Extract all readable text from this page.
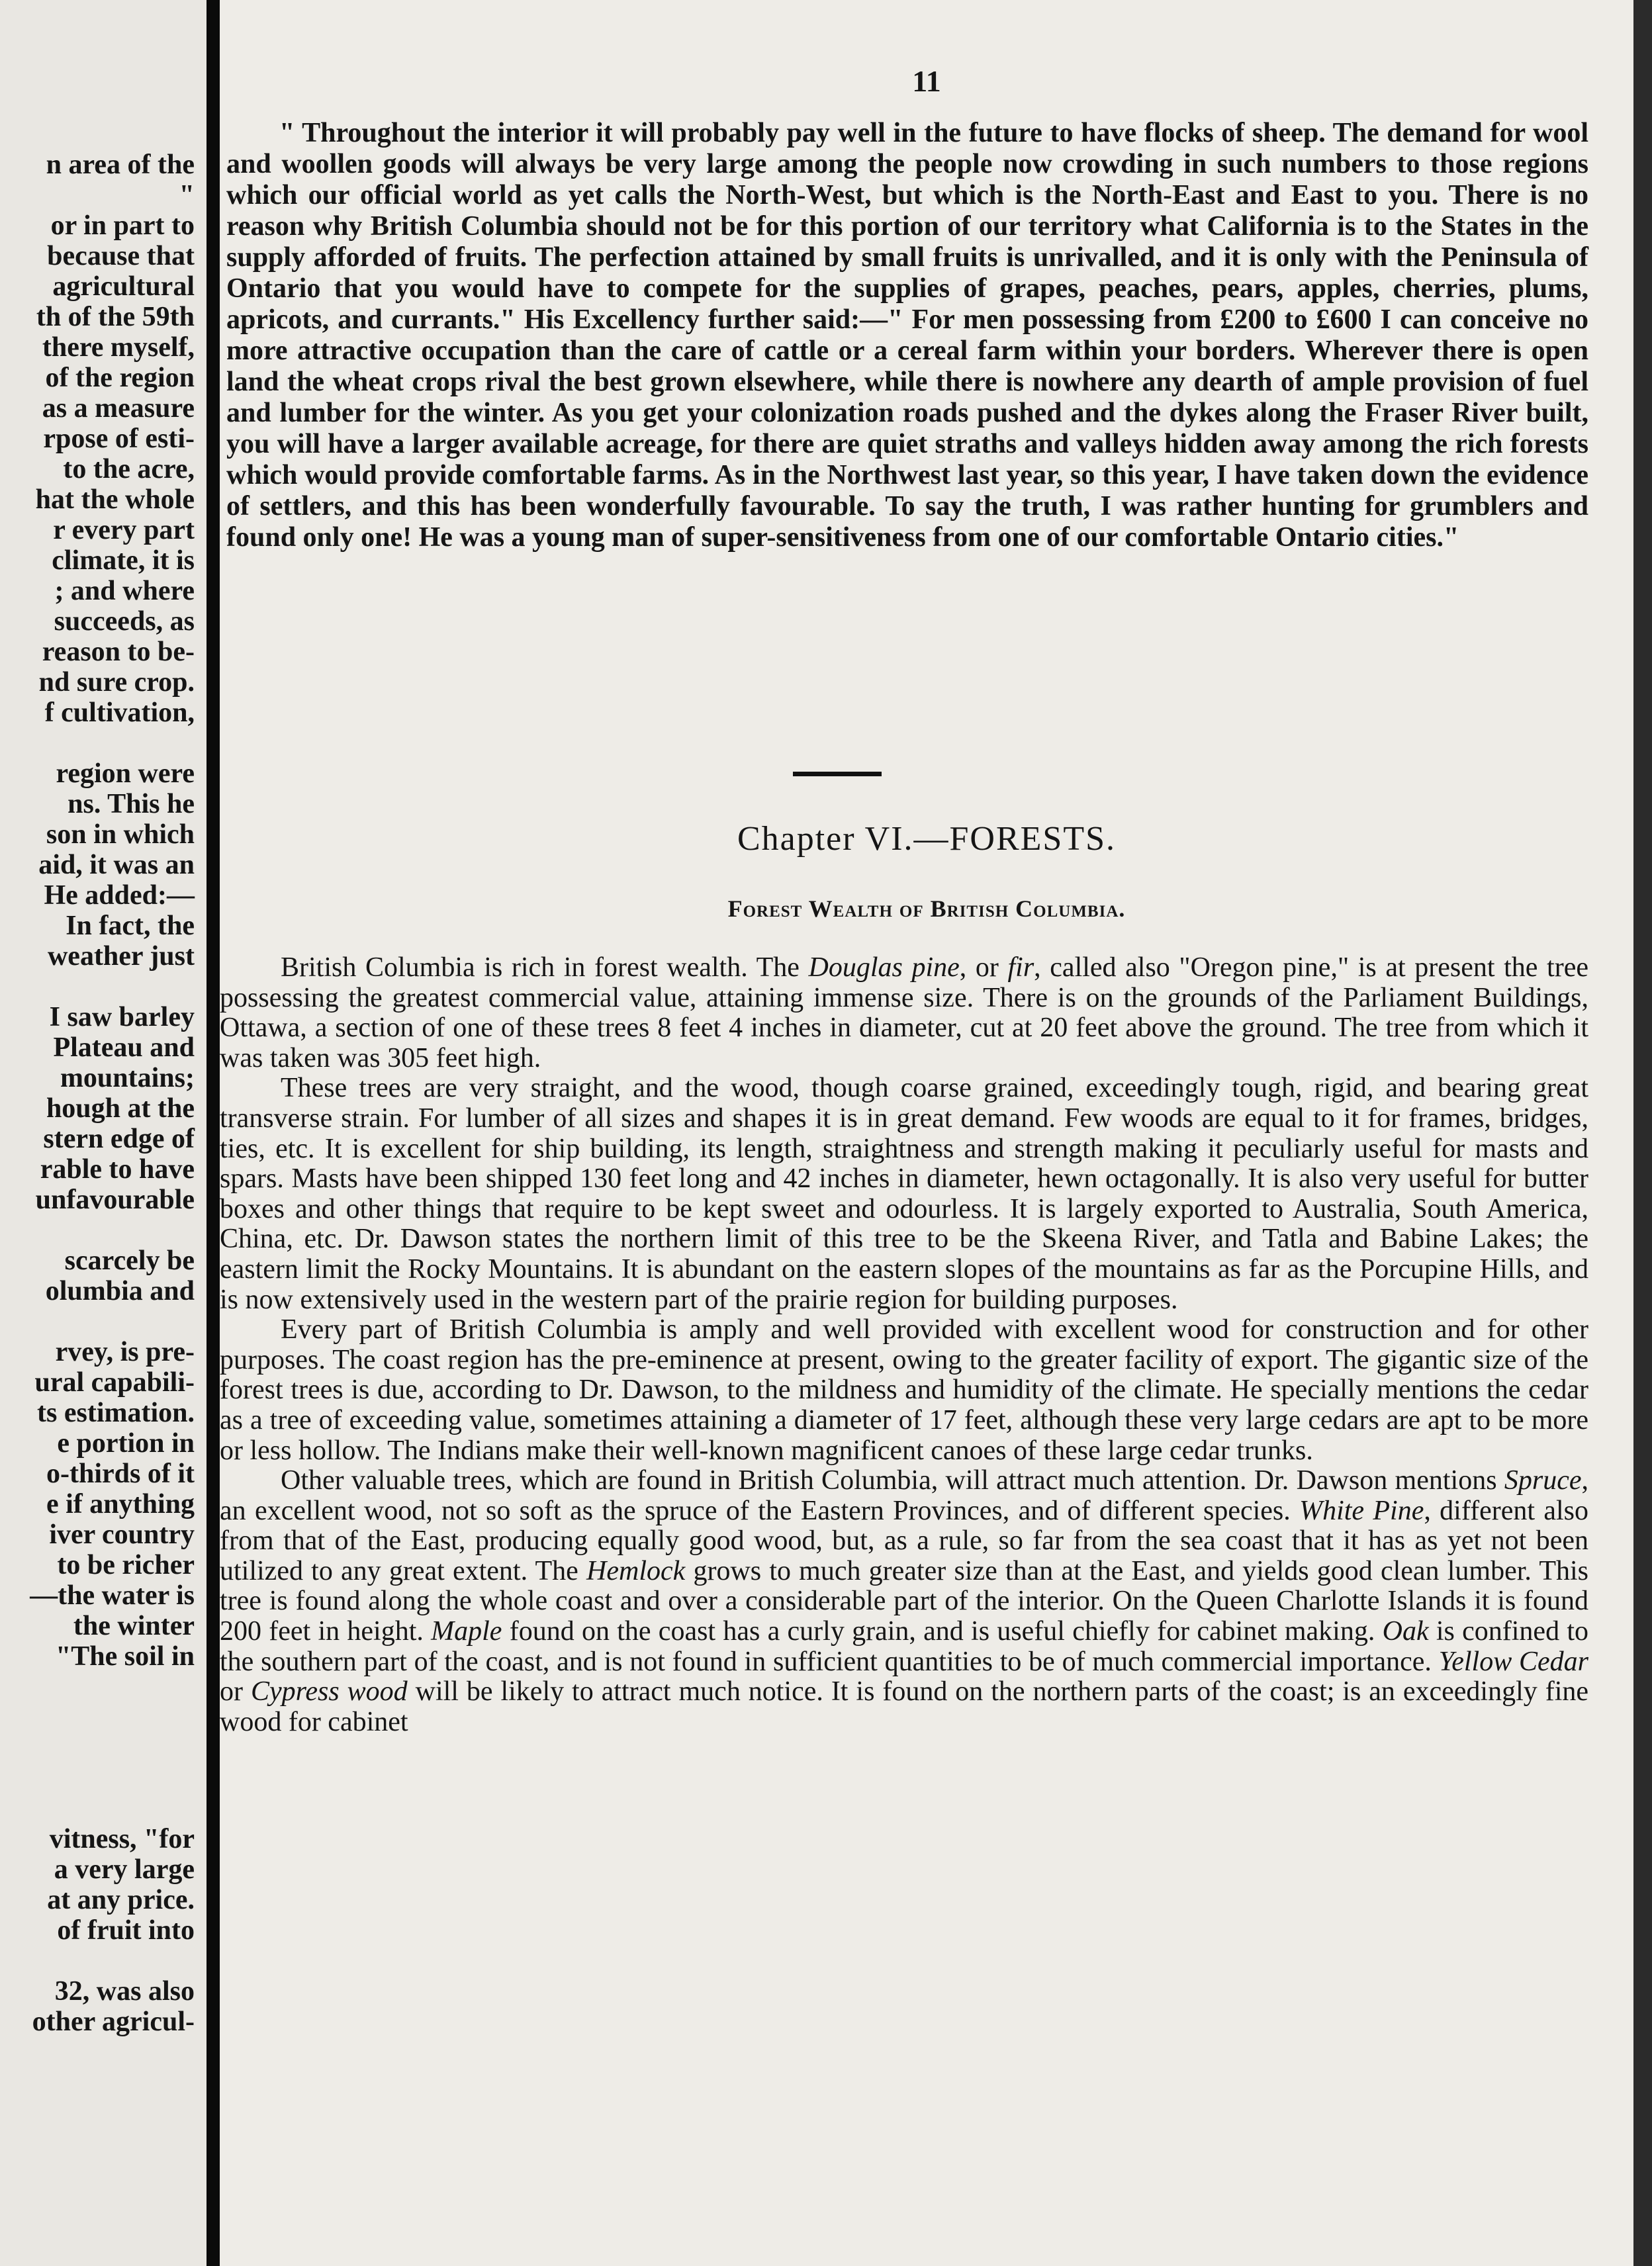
n area of the
"
or in part to
because that
agricultural
th of the 59th
there myself,
of the region
as a measure
rpose of esti-
to the acre,
hat the whole
r every part
climate, it is
; and where
succeeds, as
reason to be-
nd sure crop.
f cultivation,
region were
ns. This he
son in which
aid, it was an
He added:—
In fact, the
weather just
I saw barley
Plateau and
mountains;
hough at the
stern edge of
rable to have
unfavourable
scarcely be
olumbia and
rvey, is pre-
ural capabili-
ts estimation.
e portion in
o-thirds of it
e if anything
iver country
to be richer
—the water is
the winter
"The soil in
vitness, "for
a very large
at any price.
of fruit into
32, was also
other agricul-
11
" Throughout the interior it will probably pay well in the future to have flocks of sheep. The demand for wool and woollen goods will always be very large among the people now crowding in such numbers to those regions which our official world as yet calls the North-West, but which is the North-East and East to you. There is no reason why British Columbia should not be for this portion of our territory what California is to the States in the supply afforded of fruits. The perfection attained by small fruits is unrivalled, and it is only with the Peninsula of Ontario that you would have to compete for the supplies of grapes, peaches, pears, apples, cherries, plums, apricots, and currants." His Excellency further said:—" For men possessing from £200 to £600 I can conceive no more attractive occupation than the care of cattle or a cereal farm within your borders. Wherever there is open land the wheat crops rival the best grown elsewhere, while there is nowhere any dearth of ample provision of fuel and lumber for the winter. As you get your colonization roads pushed and the dykes along the Fraser River built, you will have a larger available acreage, for there are quiet straths and valleys hidden away among the rich forests which would provide comfortable farms. As in the Northwest last year, so this year, I have taken down the evidence of settlers, and this has been wonderfully favourable. To say the truth, I was rather hunting for grumblers and found only one! He was a young man of super-sensitiveness from one of our comfortable Ontario cities."
Chapter VI.—FORESTS.
Forest Wealth of British Columbia.

British Columbia is rich in forest wealth. The Douglas pine, or fir, called also "Oregon pine," is at present the tree possessing the greatest commercial value, attaining immense size. There is on the grounds of the Parliament Buildings, Ottawa, a section of one of these trees 8 feet 4 inches in diameter, cut at 20 feet above the ground. The tree from which it was taken was 305 feet high.

These trees are very straight, and the wood, though coarse grained, exceedingly tough, rigid, and bearing great transverse strain. For lumber of all sizes and shapes it is in great demand. Few woods are equal to it for frames, bridges, ties, etc. It is excellent for ship building, its length, straightness and strength making it peculiarly useful for masts and spars. Masts have been shipped 130 feet long and 42 inches in diameter, hewn octagonally. It is also very useful for butter boxes and other things that require to be kept sweet and odourless. It is largely exported to Australia, South America, China, etc. Dr. Dawson states the northern limit of this tree to be the Skeena River, and Tatla and Babine Lakes; the eastern limit the Rocky Mountains. It is abundant on the eastern slopes of the mountains as far as the Porcupine Hills, and is now extensively used in the western part of the prairie region for building purposes.

Every part of British Columbia is amply and well provided with excellent wood for construction and for other purposes. The coast region has the pre-eminence at present, owing to the greater facility of export. The gigantic size of the forest trees is due, according to Dr. Dawson, to the mildness and humidity of the climate. He specially mentions the cedar as a tree of exceeding value, sometimes attaining a diameter of 17 feet, although these very large cedars are apt to be more or less hollow. The Indians make their well-known magnificent canoes of these large cedar trunks.

Other valuable trees, which are found in British Columbia, will attract much attention. Dr. Dawson mentions Spruce, an excellent wood, not so soft as the spruce of the Eastern Provinces, and of different species. White Pine, different also from that of the East, producing equally good wood, but, as a rule, so far from the sea coast that it has as yet not been utilized to any great extent. The Hemlock grows to much greater size than at the East, and yields good clean lumber. This tree is found along the whole coast and over a considerable part of the interior. On the Queen Charlotte Islands it is found 200 feet in height. Maple found on the coast has a curly grain, and is useful chiefly for cabinet making. Oak is confined to the southern part of the coast, and is not found in sufficient quantities to be of much commercial importance. Yellow Cedar or Cypress wood will be likely to attract much notice. It is found on the northern parts of the coast; is an exceedingly fine wood for cabinet
